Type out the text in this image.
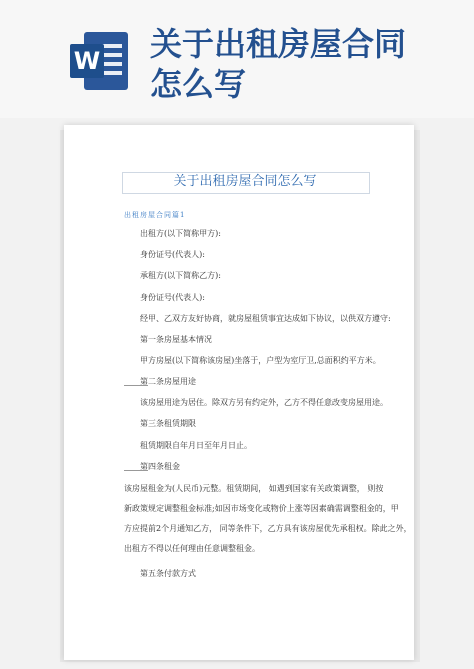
W 关于出租房屋合同
怎么写
关于出租房屋合同怎么写
出租房屋合同篇1
出租方(以下简称甲方):
身份证号(代表人):
承租方(以下简称乙方):
身份证号(代表人):
经甲、乙双方友好协商，就房屋租赁事宜达成如下协议，以供双方遵守:
第一条房屋基本情况
甲方房屋(以下简称该房屋)坐落于，户型为室厅卫,总面积约平方米。
第二条房屋用途
该房屋用途为居住。除双方另有约定外，乙方不得任意改变房屋用途。
第三条租赁期限
租赁期限自年月日至年月日止。
第四条租金
该房屋租金为(人民币)元整。租赁期间， 如遇到国家有关政策调整， 则按
新政策规定调整租金标准;如因市场变化或物价上涨等因素确需调整租金的，甲
方应提前2个月通知乙方， 同等条件下，乙方具有该房屋优先承租权。除此之外，
出租方不得以任何理由任意调整租金。
第五条付款方式
